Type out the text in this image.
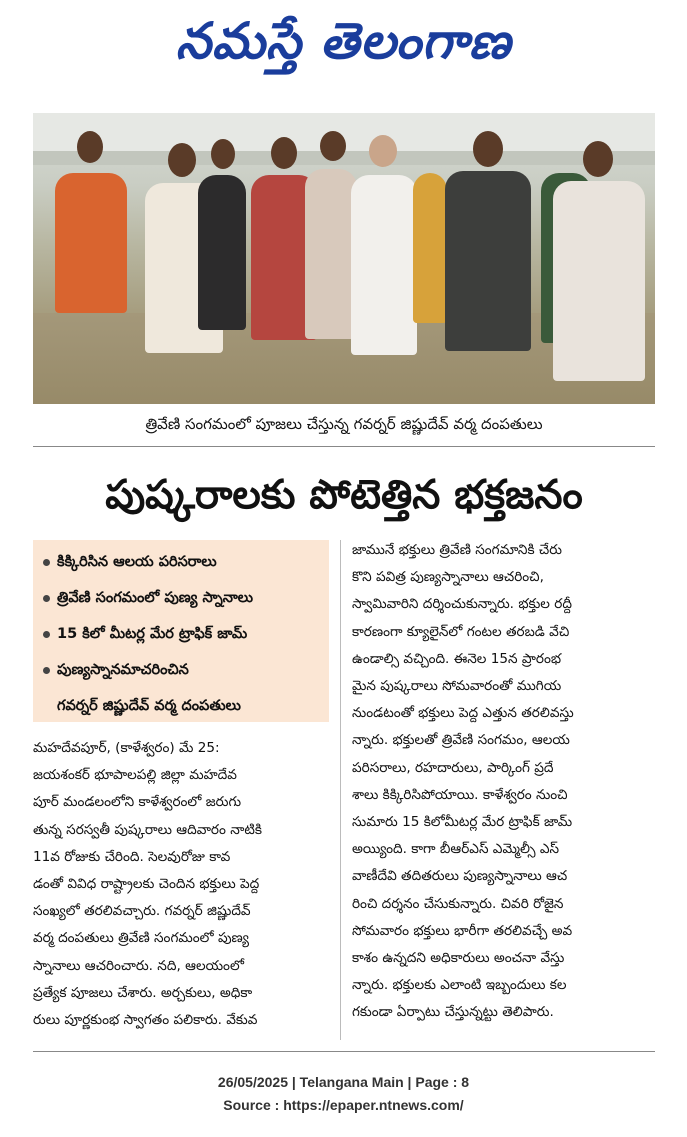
నమస్తే తెలంగాణ
త్రివేణి సంగమంలో పూజలు చేస్తున్న గవర్నర్ జిష్ణుదేవ్ వర్మ దంపతులు
పుష్కరాలకు పోటెత్తిన భక్తజనం
కిక్కిరిసిన ఆలయ పరిసరాలు
త్రివేణి సంగమంలో పుణ్య స్నానాలు
15 కిలో మీటర్ల మేర ట్రాఫిక్ జామ్
పుణ్యస్నానమాచరించిన
గవర్నర్ జిష్ణుదేవ్ వర్మ దంపతులు
మహదేవపూర్, (కాళేశ్వరం) మే 25:
జయశంకర్ భూపాలపల్లి జిల్లా మహదేవ
పూర్ మండలంలోని కాళేశ్వరంలో జరుగు
తున్న సరస్వతీ పుష్కరాలు ఆదివారం నాటికి
11వ రోజుకు చేరింది. సెలవురోజు కావ
డంతో వివిధ రాష్ట్రాలకు చెందిన భక్తులు పెద్ద
సంఖ్యలో తరలివచ్చారు. గవర్నర్ జిష్ణుదేవ్
వర్మ దంపతులు త్రివేణి సంగమంలో పుణ్య
స్నానాలు ఆచరించారు. నది, ఆలయంలో
ప్రత్యేక పూజలు చేశారు. అర్చకులు, అధికా
రులు పూర్ణకుంభ స్వాగతం పలికారు. వేకువ
జామునే భక్తులు త్రివేణి సంగమానికి చేరు
కొని పవిత్ర పుణ్యస్నానాలు ఆచరించి,
స్వామివారిని దర్శించుకున్నారు. భక్తుల రద్దీ
కారణంగా క్యూలైన్‌లో గంటల తరబడి వేచి
ఉండాల్సి వచ్చింది. ఈనెల 15న ప్రారంభ
మైన పుష్కరాలు సోమవారంతో ముగియ
నుండటంతో భక్తులు పెద్ద ఎత్తున తరలివస్తు
న్నారు. భక్తులతో త్రివేణి సంగమం, ఆలయ
పరిసరాలు, రహదారులు, పార్కింగ్ ప్రదే
శాలు కిక్కిరిసిపోయాయి. కాళేశ్వరం నుంచి
సుమారు 15 కిలోమీటర్ల మేర ట్రాఫిక్ జామ్
అయ్యింది. కాగా బీఆర్ఎస్ ఎమ్మెల్సీ ఎస్
వాణీదేవి తదితరులు పుణ్యస్నానాలు ఆచ
రించి దర్శనం చేసుకున్నారు. చివరి రోజైన
సోమవారం భక్తులు భారీగా తరలివచ్చే అవ
కాశం ఉన్నదని అధికారులు అంచనా వేస్తు
న్నారు. భక్తులకు ఎలాంటి ఇబ్బందులు కల
గకుండా ఏర్పాటు చేస్తున్నట్టు తెలిపారు.
26/05/2025 | Telangana Main | Page : 8
Source : https://epaper.ntnews.com/
